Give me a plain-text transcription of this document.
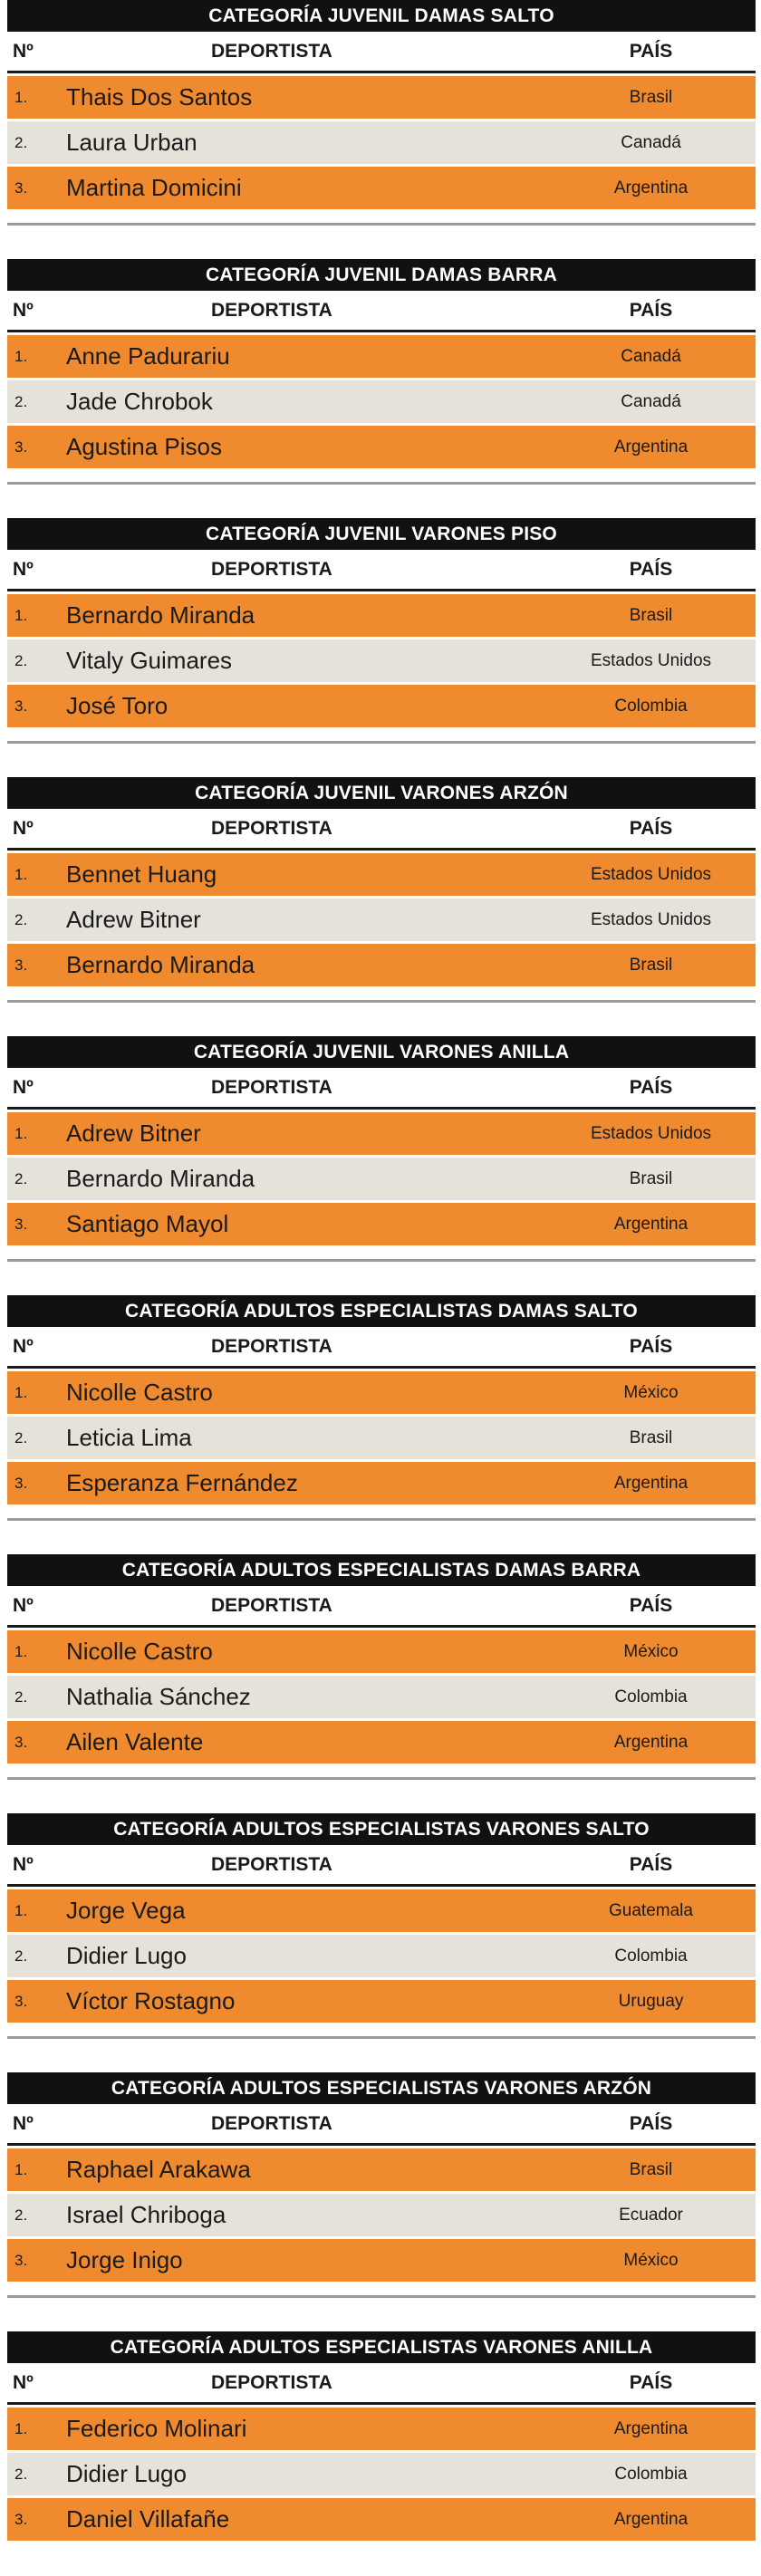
CATEGORÍA JUVENIL DAMAS SALTO
Nº	DEPORTISTA	PAÍS
1.	Thais Dos Santos	Brasil
2.	Laura Urban	Canadá
3.	Martina Domicini	Argentina
CATEGORÍA JUVENIL DAMAS BARRA
Nº	DEPORTISTA	PAÍS
1.	Anne Padurariu	Canadá
2.	Jade Chrobok	Canadá
3.	Agustina Pisos	Argentina
CATEGORÍA JUVENIL VARONES PISO
Nº	DEPORTISTA	PAÍS
1.	Bernardo Miranda	Brasil
2.	Vitaly Guimares	Estados Unidos
3.	José Toro	Colombia
CATEGORÍA JUVENIL VARONES ARZÓN
Nº	DEPORTISTA	PAÍS
1.	Bennet Huang	Estados Unidos
2.	Adrew Bitner	Estados Unidos
3.	Bernardo Miranda	Brasil
CATEGORÍA JUVENIL VARONES ANILLA
Nº	DEPORTISTA	PAÍS
1.	Adrew Bitner	Estados Unidos
2.	Bernardo Miranda	Brasil
3.	Santiago Mayol	Argentina
CATEGORÍA ADULTOS ESPECIALISTAS DAMAS SALTO
Nº	DEPORTISTA	PAÍS
1.	Nicolle Castro	México
2.	Leticia Lima	Brasil
3.	Esperanza Fernández	Argentina
CATEGORÍA ADULTOS ESPECIALISTAS DAMAS BARRA
Nº	DEPORTISTA	PAÍS
1.	Nicolle Castro	México
2.	Nathalia Sánchez	Colombia
3.	Ailen Valente	Argentina
CATEGORÍA ADULTOS ESPECIALISTAS VARONES SALTO
Nº	DEPORTISTA	PAÍS
1.	Jorge Vega	Guatemala
2.	Didier Lugo	Colombia
3.	Víctor Rostagno	Uruguay
CATEGORÍA ADULTOS ESPECIALISTAS VARONES ARZÓN
Nº	DEPORTISTA	PAÍS
1.	Raphael Arakawa	Brasil
2.	Israel Chriboga	Ecuador
3.	Jorge Inigo	México
CATEGORÍA ADULTOS ESPECIALISTAS VARONES ANILLA
Nº	DEPORTISTA	PAÍS
1.	Federico Molinari	Argentina
2.	Didier Lugo	Colombia
3.	Daniel Villafañe	Argentina
